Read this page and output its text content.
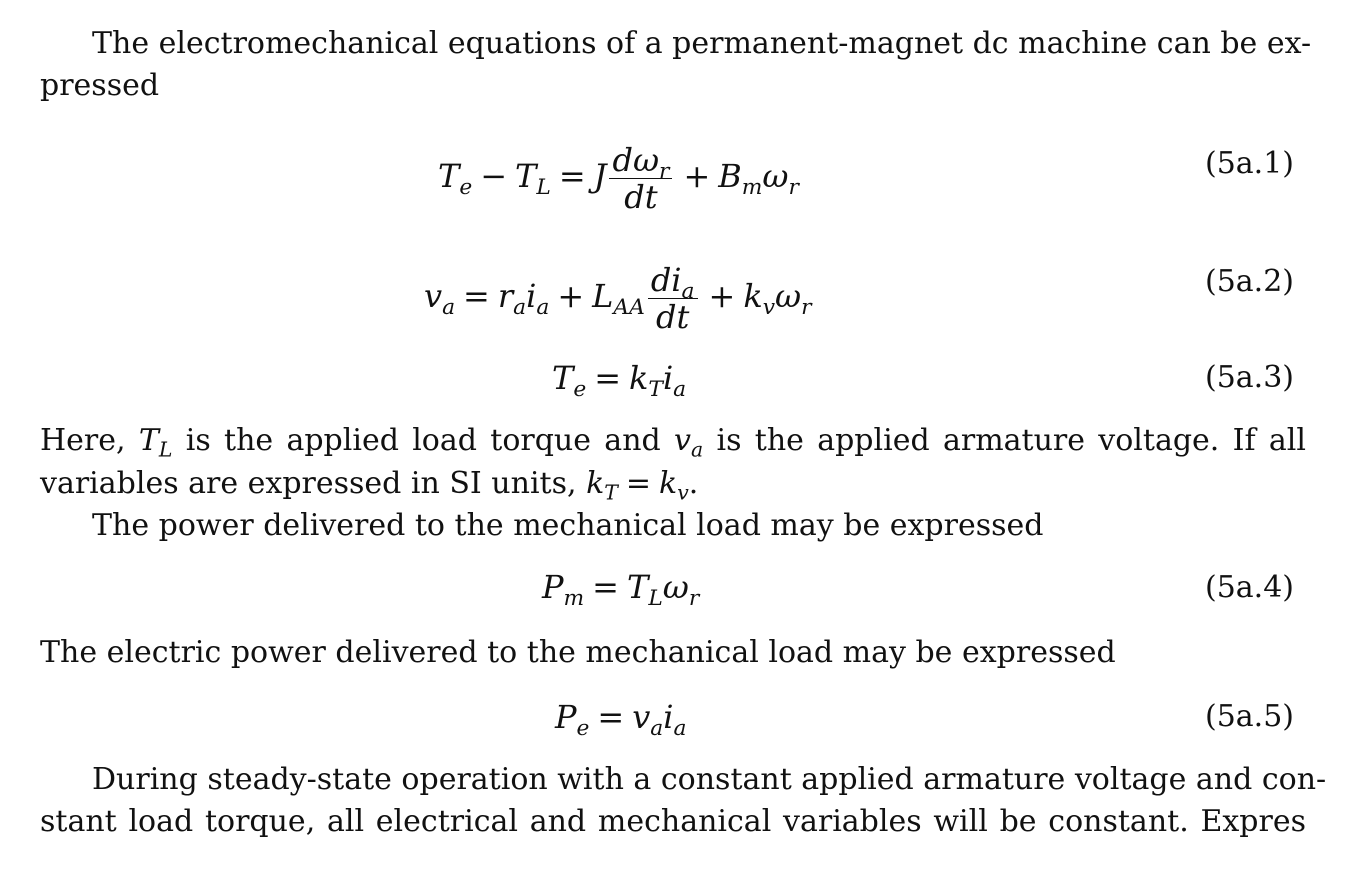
The electromechanical equations of a permanent-magnet dc machine can be ex-
pressed
$T_e - T_L = J \frac{d\omega_r}{dt} + B_m\omega_r$
(5a.1)
$v_a = r_ai_a + L_{AA} \frac{di_a}{dt} + k_v\omega_r$
(5a.2)
$T_e = k_Ti_a$	(5a.3)
Here, $T_L$ is the applied load torque and $v_a$ is the applied armature voltage. If all
variables are expressed in SI units, $k_T = k_v$.
The power delivered to the mechanical load may be expressed
$P_m = T_L\omega_r$	(5a.4)
The electric power delivered to the mechanical load may be expressed
$P_e = v_ai_a$	(5a.5)
During steady-state operation with a constant applied armature voltage and con-
stant load torque, all electrical and mechanical variables will be constant. Expres
